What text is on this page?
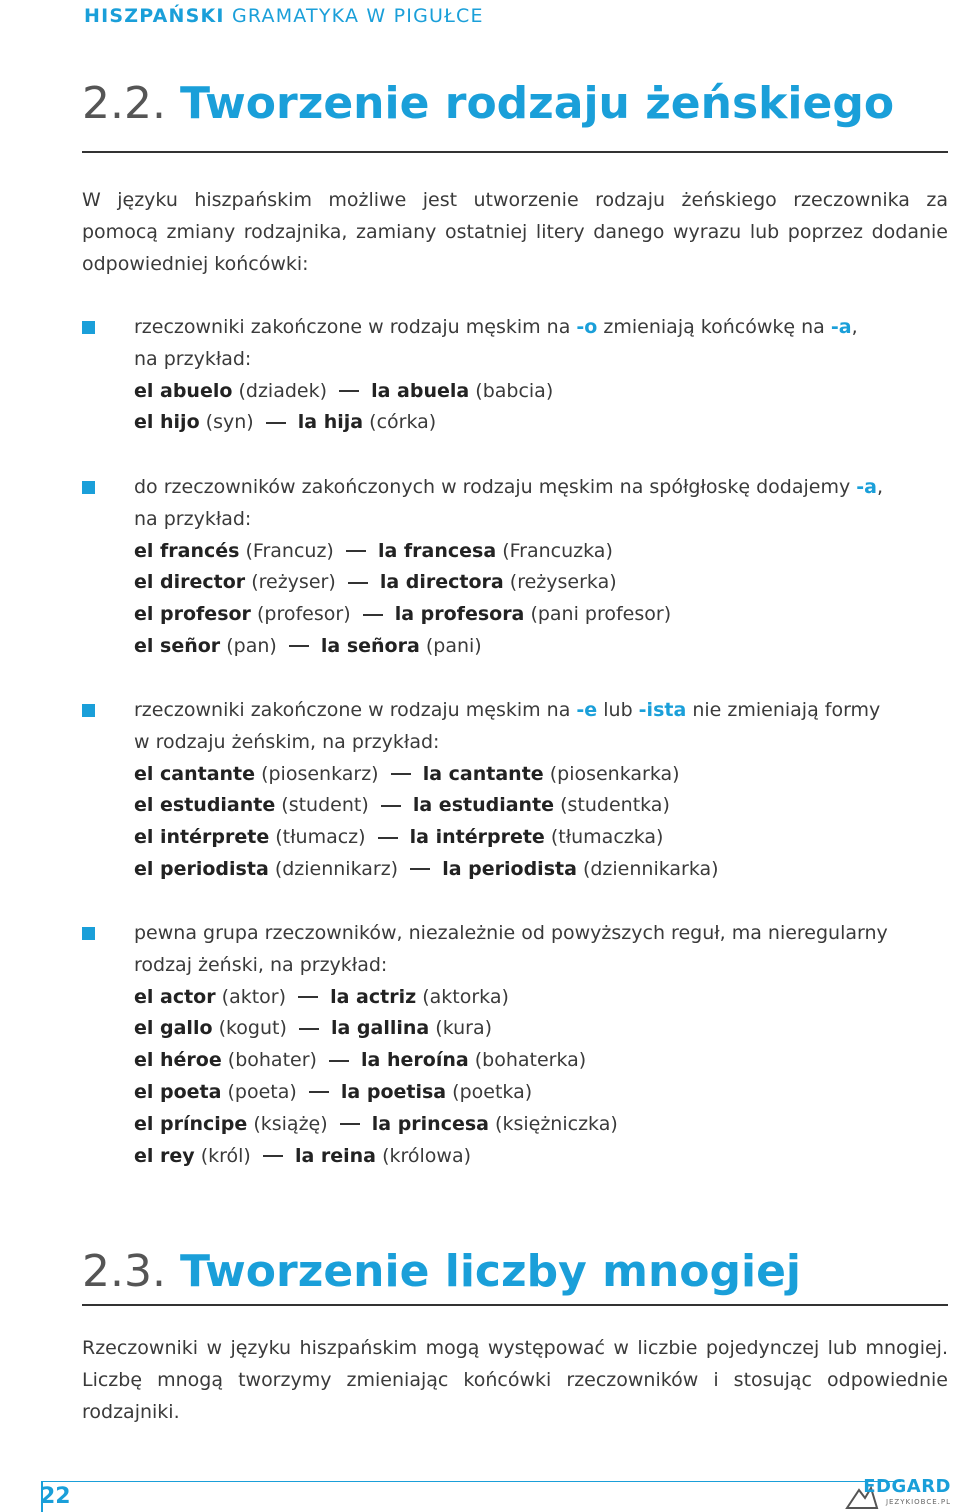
HISZPAŃSKI GRAMATYKA W PIGUŁCE
2.2. Tworzenie rodzaju żeńskiego
W języku hiszpańskim możliwe jest utworzenie rodzaju żeńskiego rzeczownika za
pomocą zmiany rodzajnika, zamiany ostatniej litery danego wyrazu lub poprzez dodanie
odpowiedniej końcówki:
rzeczowniki zakończone w rodzaju męskim na -o zmieniają końcówkę na -a,
na przykład:
el abuelo (dziadek) la abuela (babcia)
el hijo (syn) la hija (córka)
do rzeczowników zakończonych w rodzaju męskim na spółgłoskę dodajemy -a,
na przykład:
el francés (Francuz) la francesa (Francuzka)
el director (reżyser) la directora (reżyserka)
el profesor (profesor) la profesora (pani profesor)
el señor (pan) la señora (pani)
rzeczowniki zakończone w rodzaju męskim na -e lub -ista nie zmieniają formy
w rodzaju żeńskim, na przykład:
el cantante (piosenkarz) la cantante (piosenkarka)
el estudiante (student) la estudiante (studentka)
el intérprete (tłumacz) la intérprete (tłumaczka)
el periodista (dziennikarz) la periodista (dziennikarka)
pewna grupa rzeczowników, niezależnie od powyższych reguł, ma nieregularny
rodzaj żeński, na przykład:
el actor (aktor) la actriz (aktorka)
el gallo (kogut) la gallina (kura)
el héroe (bohater) la heroína (bohaterka)
el poeta (poeta) la poetisa (poetka)
el príncipe (książę) la princesa (księżniczka)
el rey (król) la reina (królowa)
2.3. Tworzenie liczby mnogiej
Rzeczowniki w języku hiszpańskim mogą występować w liczbie pojedynczej lub mnogiej.
Liczbę mnogą tworzymy zmieniając końcówki rzeczowników i stosując odpowiednie
rodzajniki.
22	EDGARD
JEZYKIOBCE.PL
